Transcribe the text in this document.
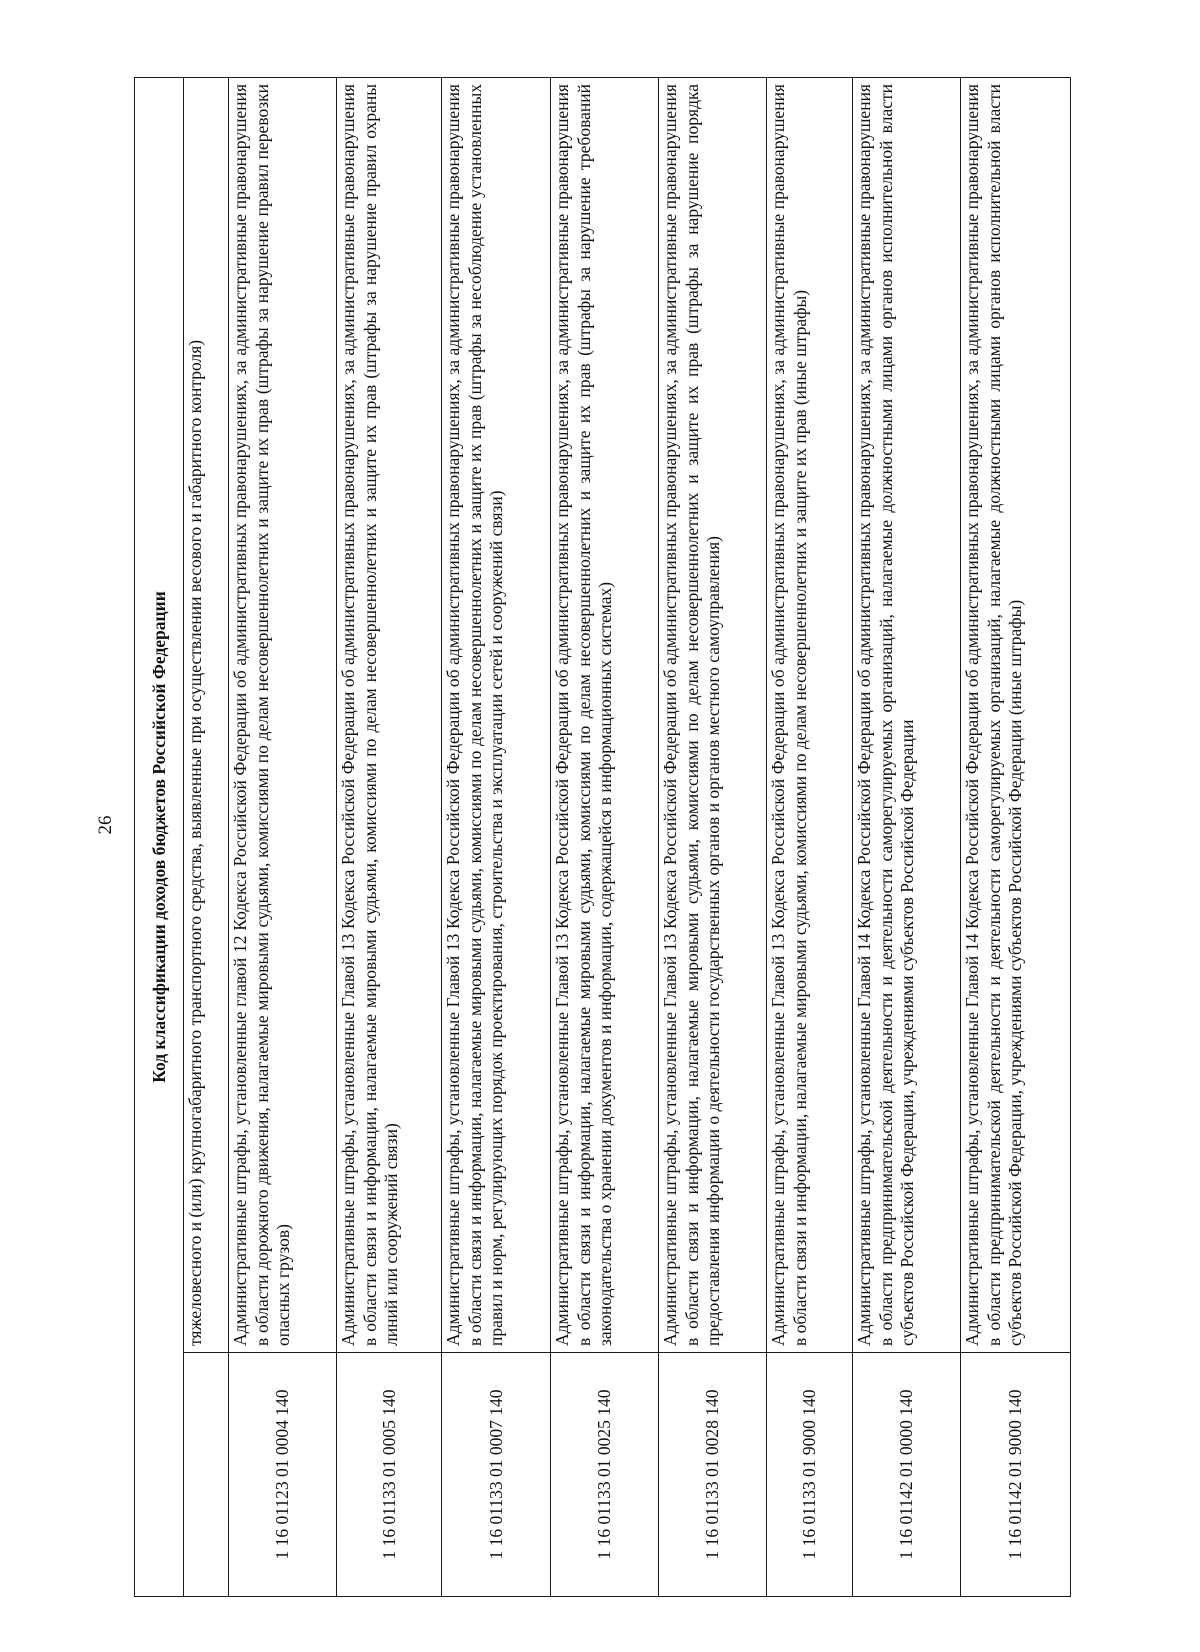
26 Код классификации доходов бюджетов Российской Федерации	
	тяжеловесного и (или) крупногабаритного транспортного средства, выявленные при осуществлении весового и габаритного контроля)
1 16 01123 01 0004 140	Административные штрафы, установленные главой 12 Кодекса Российской Федерации об административных правонарушениях, за административные правонарушения в области дорожного движения, налагаемые мировыми судьями, комиссиями по делам несовершеннолетних и защите их прав (штрафы за нарушение правил перевозки опасных грузов)
1 16 01133 01 0005 140	Административные штрафы, установленные Главой 13 Кодекса Российской Федерации об административных правонарушениях, за административные правонарушения в области связи и информации, налагаемые мировыми судьями, комиссиями по делам несовершеннолетних и защите их прав (штрафы за нарушение правил охраны линий или сооружений связи)
1 16 01133 01 0007 140	Административные штрафы, установленные Главой 13 Кодекса Российской Федерации об административных правонарушениях, за административные правонарушения в области связи и информации, налагаемые мировыми судьями, комиссиями по делам несовершеннолетних и защите их прав (штрафы за несоблюдение установленных правил и норм, регулирующих порядок проектирования, строительства и эксплуатации сетей и сооружений связи)
1 16 01133 01 0025 140	Административные штрафы, установленные Главой 13 Кодекса Российской Федерации об административных правонарушениях, за административные правонарушения в области связи и информации, налагаемые мировыми судьями, комиссиями по делам несовершеннолетних и защите их прав (штрафы за нарушение требований законодательства о хранении документов и информации, содержащейся в информационных системах)
1 16 01133 01 0028 140	Административные штрафы, установленные Главой 13 Кодекса Российской Федерации об административных правонарушениях, за административные правонарушения в области связи и информации, налагаемые мировыми судьями, комиссиями по делам несовершеннолетних и защите их прав (штрафы за нарушение порядка предоставления информации о деятельности государственных органов и органов местного самоуправления)
1 16 01133 01 9000 140	Административные штрафы, установленные Главой 13 Кодекса Российской Федерации об административных правонарушениях, за административные правонарушения в области связи и информации, налагаемые мировыми судьями, комиссиями по делам несовершеннолетних и защите их прав (иные штрафы)
1 16 01142 01 0000 140	Административные штрафы, установленные Главой 14 Кодекса Российской Федерации об административных правонарушениях, за административные правонарушения в области предпринимательской деятельности и деятельности саморегулируемых организаций, налагаемые должностными лицами органов исполнительной власти субъектов Российской Федерации, учреждениями субъектов Российской Федерации
1 16 01142 01 9000 140	Административные штрафы, установленные Главой 14 Кодекса Российской Федерации об административных правонарушениях, за административные правонарушения в области предпринимательской деятельности и деятельности саморегулируемых организаций, налагаемые должностными лицами органов исполнительной власти субъектов Российской Федерации, учреждениями субъектов Российской Федерации (иные штрафы)
